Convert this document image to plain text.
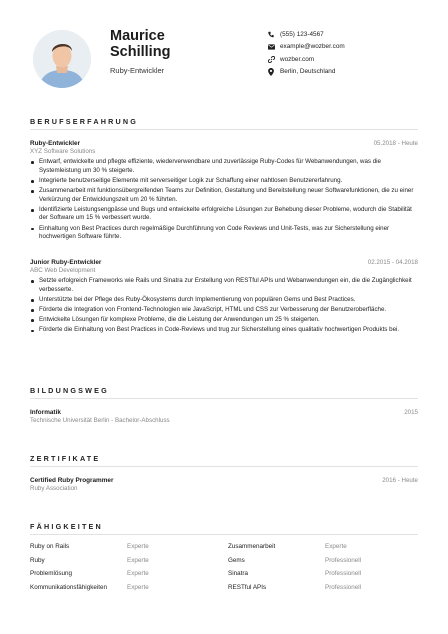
Maurice
Schilling
Ruby-Entwickler
(555) 123-4567
example@wozber.com
wozber.com
Berlin, Deutschland
BERUFSERFAHRUNG
Ruby-Entwickler	05.2018 - Heute
XYZ Software Solutions
Entwarf, entwickelte und pflegte effiziente, wiederverwendbare und zuverlässige Ruby-Codes für Webanwendungen, was die Systemleistung um 30 % steigerte.
Integrierte benutzerseitige Elemente mit serverseitiger Logik zur Schaffung einer nahtlosen Benutzererfahrung.
Zusammenarbeit mit funktionsübergreifenden Teams zur Definition, Gestaltung und Bereitstellung neuer Softwarefunktionen, die zu einer Verkürzung der Entwicklungszeit um 20 % führten.
Identifizierte Leistungsengpässe und Bugs und entwickelte erfolgreiche Lösungen zur Behebung dieser Probleme, wodurch die Stabilität der Software um 15 % verbessert wurde.
Einhaltung von Best Practices durch regelmäßige Durchführung von Code Reviews und Unit-Tests, was zur Sicherstellung einer hochwertigen Software führte.
Junior Ruby-Entwickler	02.2015 - 04.2018
ABC Web Development
Setzte erfolgreich Frameworks wie Rails und Sinatra zur Erstellung von RESTful APIs und Webanwendungen ein, die die Zugänglichkeit verbesserte.
Unterstützte bei der Pflege des Ruby-Ökosystems durch Implementierung von populären Gems und Best Practices.
Förderte die Integration von Frontend-Technologien wie JavaScript, HTML und CSS zur Verbesserung der Benutzeroberfläche.
Entwickelte Lösungen für komplexe Probleme, die die Leistung der Anwendungen um 25 % steigerten.
Förderte die Einhaltung von Best Practices in Code-Reviews und trug zur Sicherstellung eines qualitativ hochwertigen Produkts bei.
BILDUNGSWEG
Informatik	2015
Technische Universität Berlin - Bachelor-Abschluss
ZERTIFIKATE
Certified Ruby Programmer	2016 - Heute
Ruby Association
FÄHIGKEITEN
Ruby on Rails	Experte	Zusammenarbeit	Experte
Ruby	Experte	Gems	Professionell
Problemlösung	Experte	Sinatra	Professionell
Kommunikationsfähigkeiten	Experte	RESTful APIs	Professionell
